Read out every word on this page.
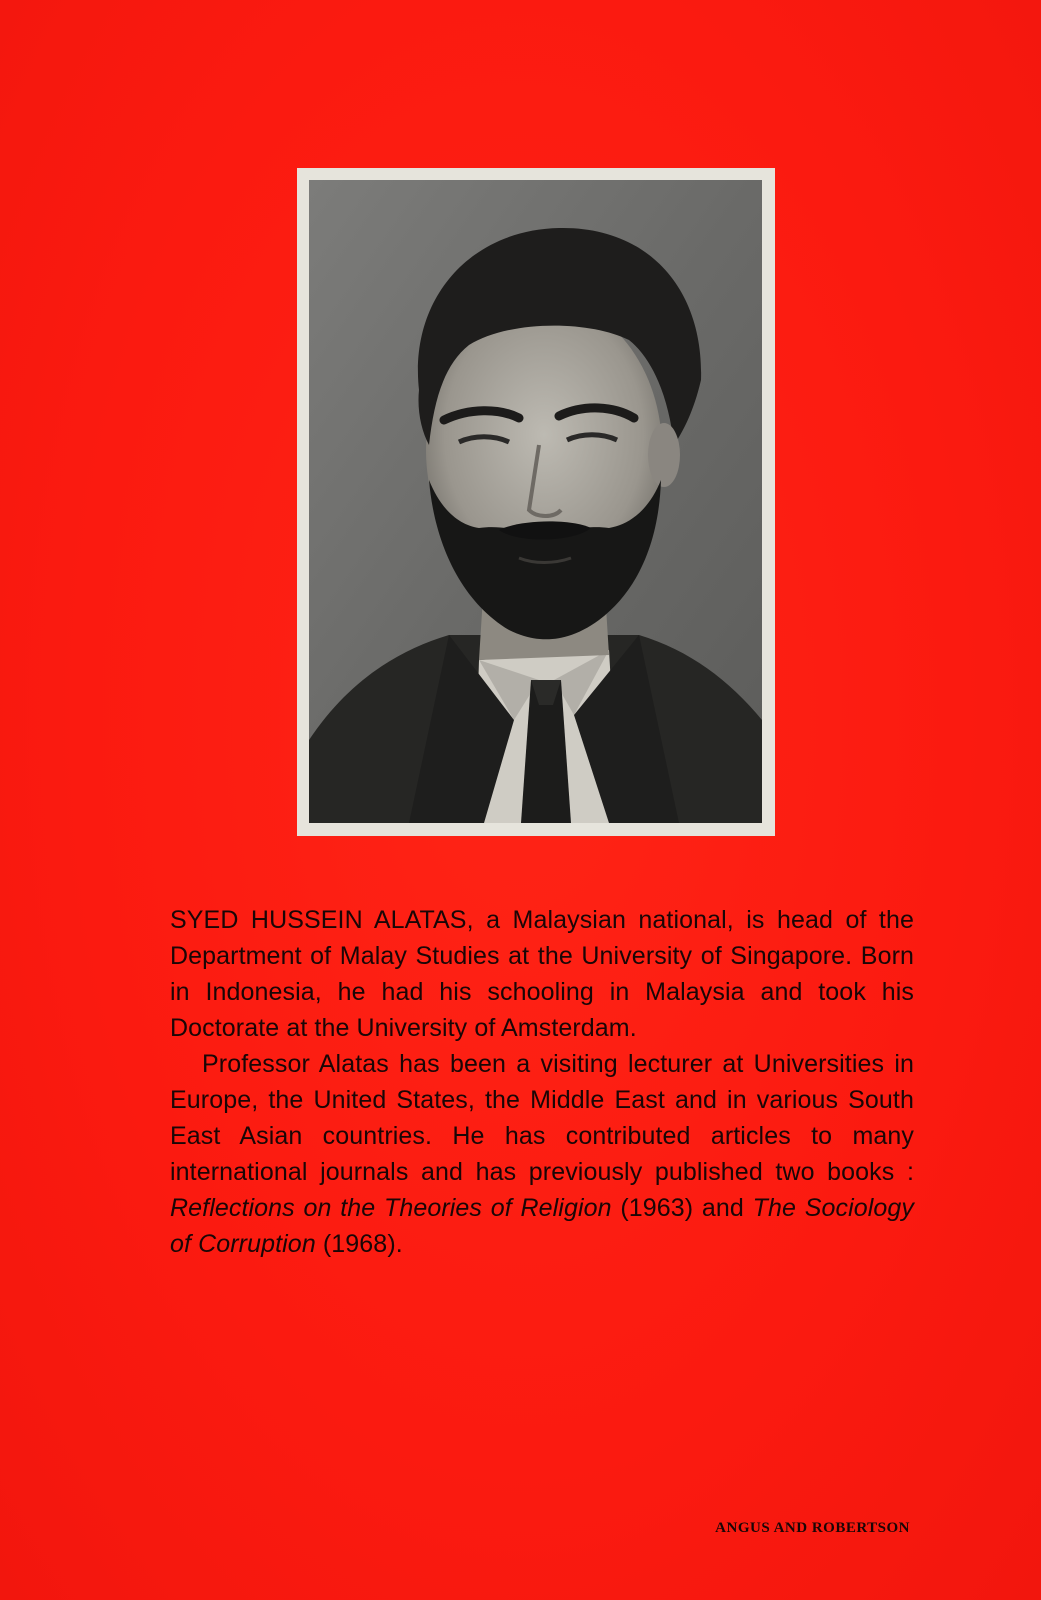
SYED HUSSEIN ALATAS, a Malaysian national, is head of the Department of Malay Studies at the University of Singapore. Born in Indonesia, he had his schooling in Malaysia and took his Doctorate at the University of Amsterdam.

Professor Alatas has been a visiting lecturer at Universities in Europe, the United States, the Middle East and in various South East Asian countries. He has contributed articles to many international journals and has previously published two books : Reflections on the Theories of Religion (1963) and The Sociology of Corruption (1968).

ANGUS AND ROBERTSON
